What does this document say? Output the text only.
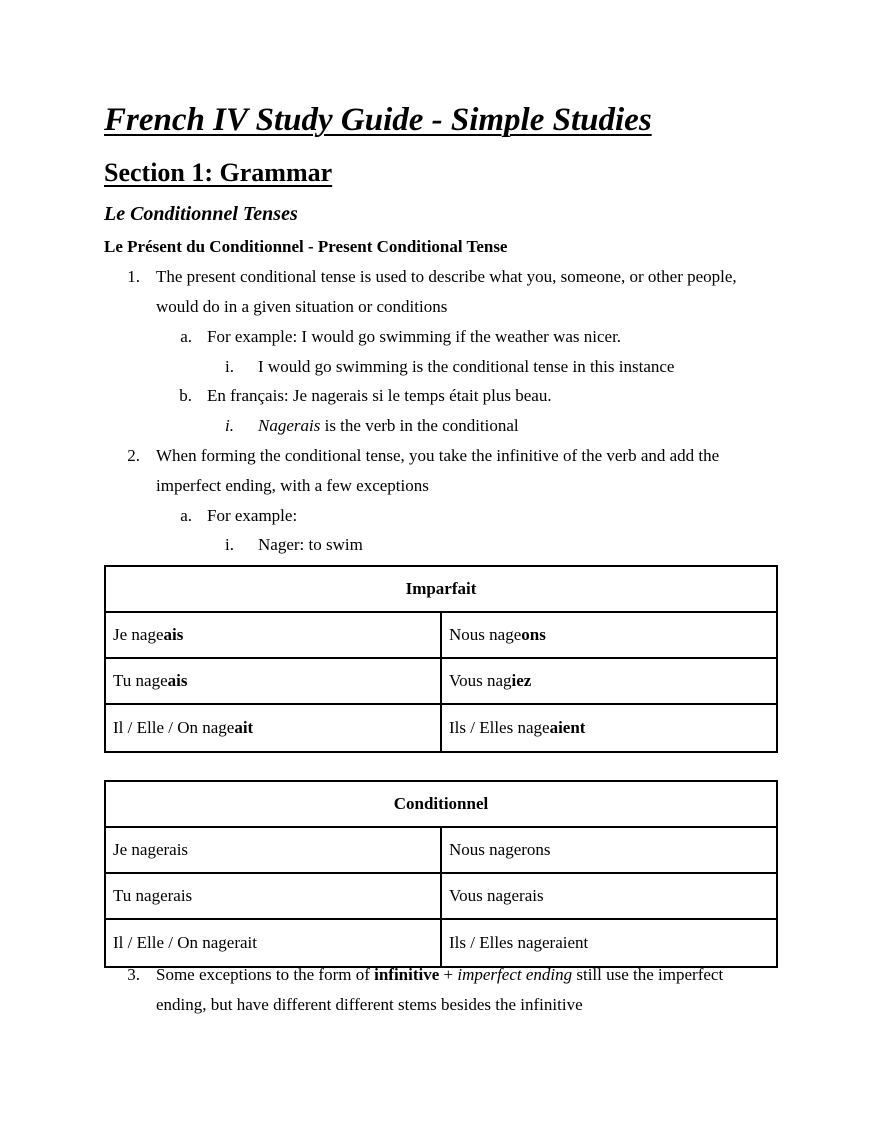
French IV Study Guide - Simple Studies
Section 1: Grammar
Le Conditionnel Tenses
Le Présent du Conditionnel - Present Conditional Tense
1. The present conditional tense is used to describe what you, someone, or other people,
would do in a given situation or conditions
a. For example: I would go swimming if the weather was nicer.
i. I would go swimming is the conditional tense in this instance
b. En français: Je nagerais si le temps était plus beau.
i. Nagerais is the verb in the conditional
2. When forming the conditional tense, you take the infinitive of the verb and add the
imperfect ending, with a few exceptions
a. For example:
i. Nager: to swim
Imparfait
Je nage ais	Nous nage ons
Tu nage ais	Vous nag iez
Il / Elle / On nage ait	Ils / Elles nage aient
Conditionnel
Je nagerais	Nous nagerons
Tu nagerais	Vous nagerais
Il / Elle / On nagerait	Ils / Elles nageraient
3. Some exceptions to the form of infinitive + imperfect ending still use the imperfect
ending, but have different different stems besides the infinitive
